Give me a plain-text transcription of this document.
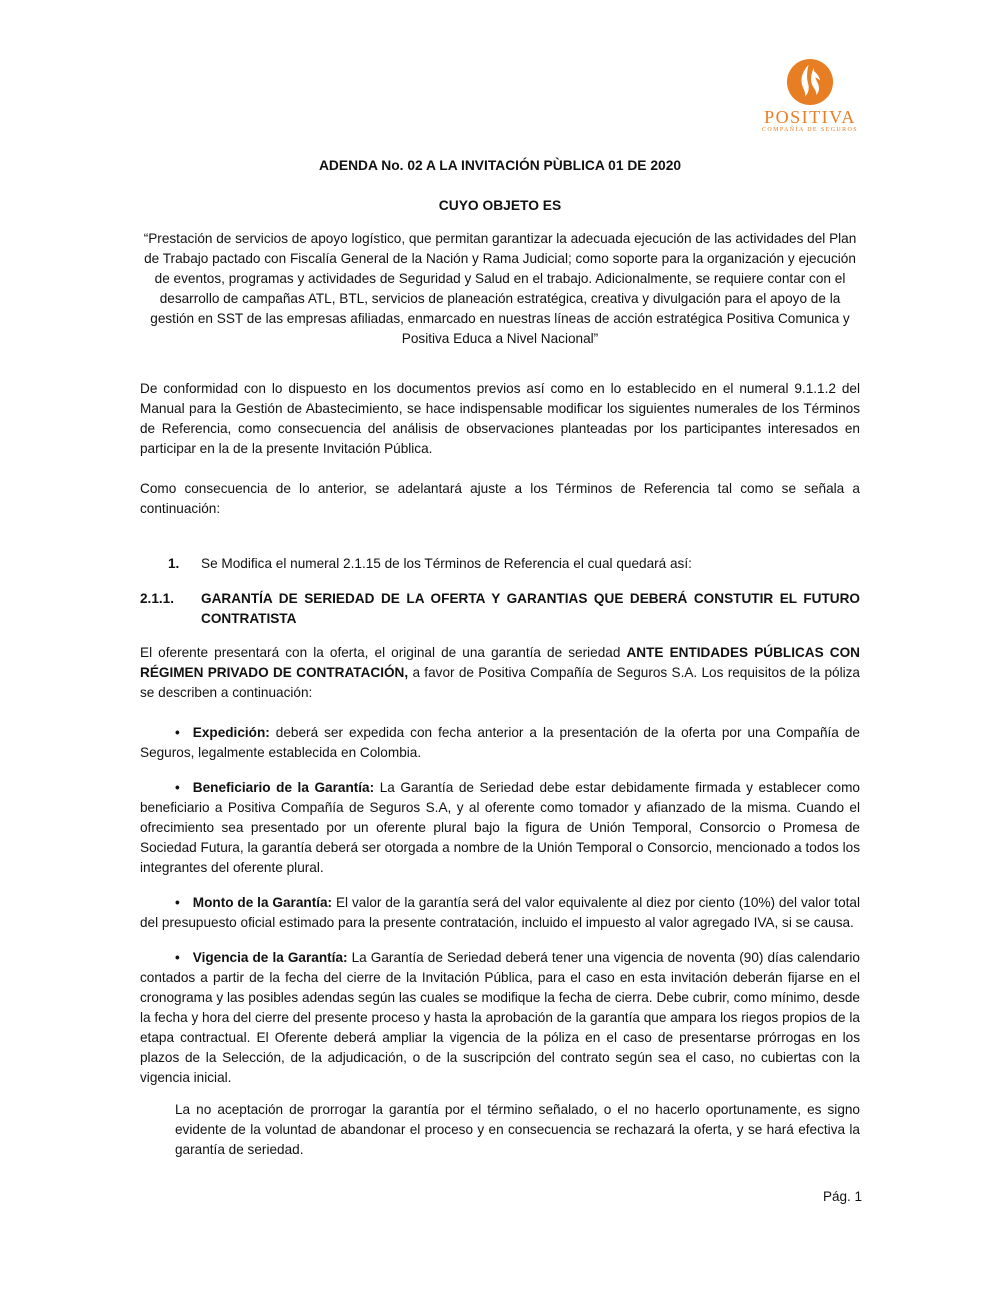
POSITIVA
COMPAÑÍA DE SEGUROS
ADENDA No. 02 A LA INVITACIÓN PÙBLICA 01 DE 2020
CUYO OBJETO ES

“Prestación de servicios de apoyo logístico, que permitan garantizar la adecuada ejecución de las actividades del Plan de Trabajo pactado con Fiscalía General de la Nación y Rama Judicial; como soporte para la organización y ejecución de eventos, programas y actividades de Seguridad y Salud en el trabajo. Adicionalmente, se requiere contar con el desarrollo de campañas ATL, BTL, servicios de planeación estratégica, creativa y divulgación para el apoyo de la gestión en SST de las empresas afiliadas, enmarcado en nuestras líneas de acción estratégica Positiva Comunica y Positiva Educa a Nivel Nacional”

De conformidad con lo dispuesto en los documentos previos así como en lo establecido en el numeral 9.1.1.2 del Manual para la Gestión de Abastecimiento, se hace indispensable modificar los siguientes numerales de los Términos de Referencia, como consecuencia del análisis de observaciones planteadas por los participantes interesados en participar en la de la presente Invitación Pública.

Como consecuencia de lo anterior, se adelantará ajuste a los Términos de Referencia tal como se señala a continuación:

1.	Se Modifica el numeral 2.1.15 de los Términos de Referencia el cual quedará así:
2.1.1.	GARANTÍA DE SERIEDAD DE LA OFERTA Y GARANTIAS QUE DEBERÁ CONSTUTIR EL FUTURO CONTRATISTA

El oferente presentará con la oferta, el original de una garantía de seriedad ANTE ENTIDADES PÚBLICAS CON RÉGIMEN PRIVADO DE CONTRATACIÓN, a favor de Positiva Compañía de Seguros S.A. Los requisitos de la póliza se describen a continuación:

• Expedición: deberá ser expedida con fecha anterior a la presentación de la oferta por una Compañía de Seguros, legalmente establecida en Colombia.

• Beneficiario de la Garantía: La Garantía de Seriedad debe estar debidamente firmada y establecer como beneficiario a Positiva Compañía de Seguros S.A, y al oferente como tomador y afianzado de la misma. Cuando el ofrecimiento sea presentado por un oferente plural bajo la figura de Unión Temporal, Consorcio o Promesa de Sociedad Futura, la garantía deberá ser otorgada a nombre de la Unión Temporal o Consorcio, mencionado a todos los integrantes del oferente plural.

• Monto de la Garantía: El valor de la garantía será del valor equivalente al diez por ciento (10%) del valor total del presupuesto oficial estimado para la presente contratación, incluido el impuesto al valor agregado IVA, si se causa.

• Vigencia de la Garantía: La Garantía de Seriedad deberá tener una vigencia de noventa (90) días calendario contados a partir de la fecha del cierre de la Invitación Pública, para el caso en esta invitación deberán fijarse en el cronograma y las posibles adendas según las cuales se modifique la fecha de cierra. Debe cubrir, como mínimo, desde la fecha y hora del cierre del presente proceso y hasta la aprobación de la garantía que ampara los riegos propios de la etapa contractual. El Oferente deberá ampliar la vigencia de la póliza en el caso de presentarse prórrogas en los plazos de la Selección, de la adjudicación, o de la suscripción del contrato según sea el caso, no cubiertas con la vigencia inicial.

La no aceptación de prorrogar la garantía por el término señalado, o el no hacerlo oportunamente, es signo evidente de la voluntad de abandonar el proceso y en consecuencia se rechazará la oferta, y se hará efectiva la garantía de seriedad.

Pág. 1
